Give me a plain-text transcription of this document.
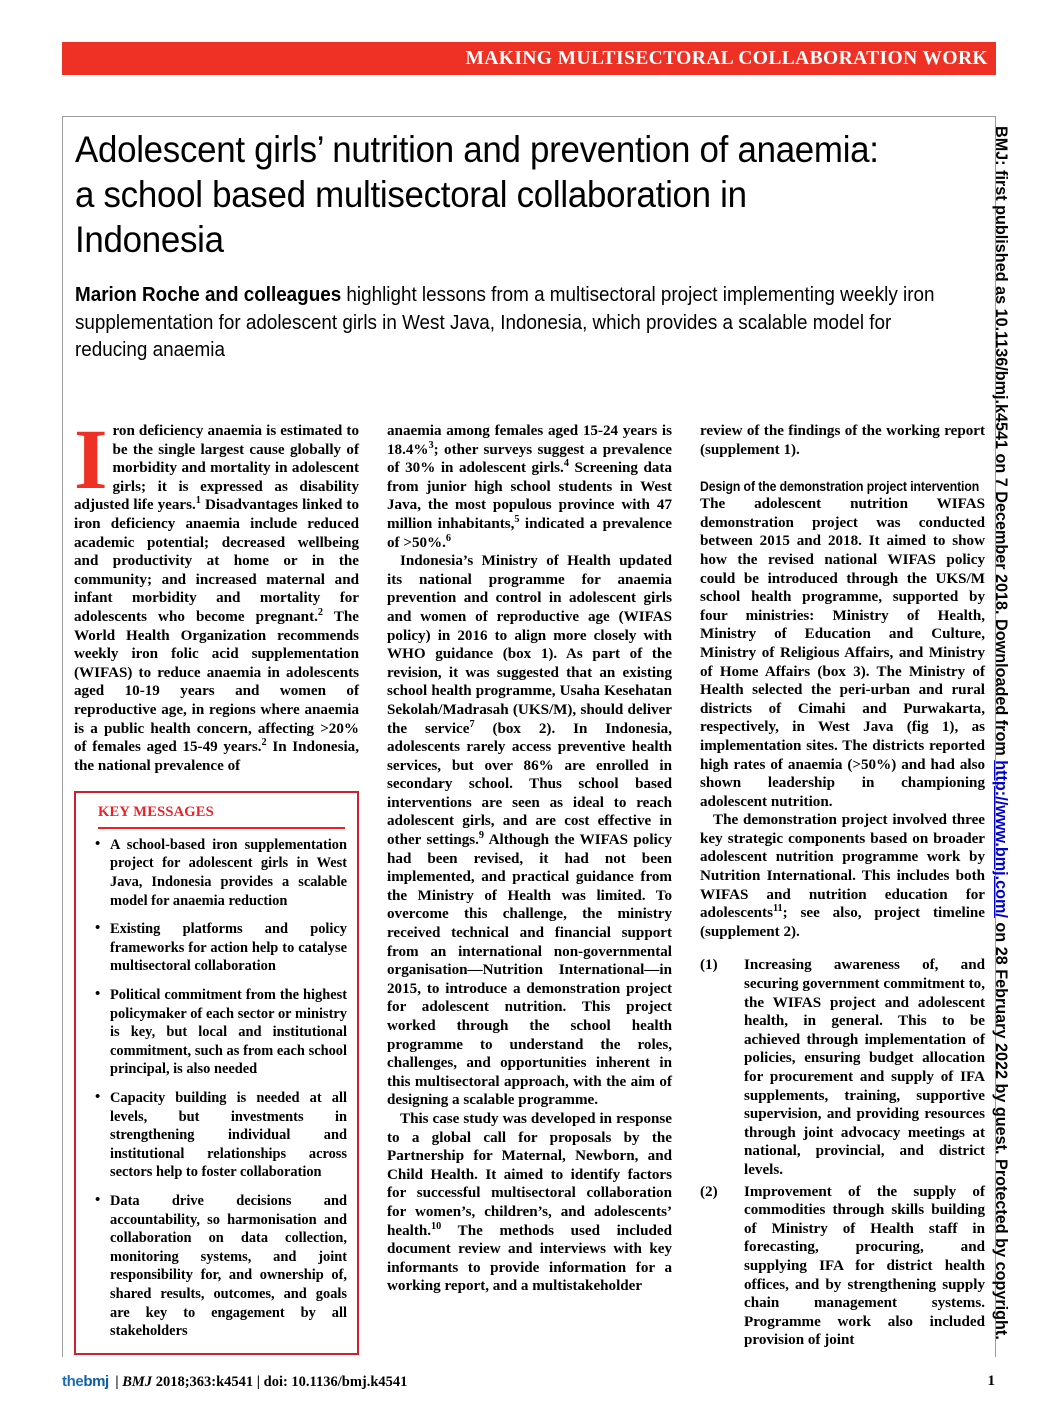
MAKING MULTISECTORAL COLLABORATION WORK
Adolescent girls’ nutrition and prevention of anaemia: a school based multisectoral collaboration in Indonesia
Marion Roche and colleagues highlight lessons from a multisectoral project implementing weekly iron supplementation for adolescent girls in West Java, Indonesia, which provides a scalable model for reducing anaemia

Iron deficiency anaemia is estimated to be the single largest cause globally of morbidity and mortality in adolescent girls; it is expressed as disability adjusted life years.$^1$ Disadvantages linked to iron deficiency anaemia include reduced academic potential; decreased wellbeing and productivity at home or in the community; and increased maternal and infant morbidity and mortality for adolescents who become pregnant.$^2$ The World Health Organization recommends weekly iron folic acid supplementation (WIFAS) to reduce anaemia in adolescents aged 10-19 years and women of reproductive age, in regions where anaemia is a public health concern, affecting >20% of females aged 15-49 years.$^2$ In Indonesia, the national prevalence of

KEY MESSAGES
• A school-based iron supplementation project for adolescent girls in West Java, Indonesia provides a scalable model for anaemia reduction
• Existing platforms and policy frameworks for action help to catalyse multisectoral collaboration
• Political commitment from the highest policymaker of each sector or ministry is key, but local and institutional commitment, such as from each school principal, is also needed
• Capacity building is needed at all levels, but investments in strengthening individual and institutional relationships across sectors help to foster collaboration
• Data drive decisions and accountability, so harmonisation and collaboration on data collection, monitoring systems, and joint responsibility for, and ownership of, shared results, outcomes, and goals are key to engagement by all stakeholders

anaemia among females aged 15-24 years is 18.4%$^3$; other surveys suggest a prevalence of 30% in adolescent girls.$^4$ Screening data from junior high school students in West Java, the most populous province with 47 million inhabitants,$^5$ indicated a prevalence of >50%.$^6$

Indonesia’s Ministry of Health updated its national programme for anaemia prevention and control in adolescent girls and women of reproductive age (WIFAS policy) in 2016 to align more closely with WHO guidance (box 1). As part of the revision, it was suggested that an existing school health programme, Usaha Kesehatan Sekolah/Madrasah (UKS/M), should deliver the service$^7$ (box 2). In Indonesia, adolescents rarely access preventive health services, but over 86% are enrolled in secondary school. Thus school based interventions are seen as ideal to reach adolescent girls, and are cost effective in other settings.$^9$ Although the WIFAS policy had been revised, it had not been implemented, and practical guidance from the Ministry of Health was limited. To overcome this challenge, the ministry received technical and financial support from an international non-governmental organisation—Nutrition International—in 2015, to introduce a demonstration project for adolescent nutrition. This project worked through the school health programme to understand the roles, challenges, and opportunities inherent in this multisectoral approach, with the aim of designing a scalable programme.

This case study was developed in response to a global call for proposals by the Partnership for Maternal, Newborn, and Child Health. It aimed to identify factors for successful multisectoral collaboration for women’s, children’s, and adolescents’ health.$^{10}$ The methods used included document review and interviews with key informants to provide information for a working report, and a multistakeholder

review of the findings of the working report (supplement 1).

Design of the demonstration project intervention

The adolescent nutrition WIFAS demonstration project was conducted between 2015 and 2018. It aimed to show how the revised national WIFAS policy could be introduced through the UKS/M school health programme, supported by four ministries: Ministry of Health, Ministry of Education and Culture, Ministry of Religious Affairs, and Ministry of Home Affairs (box 3). The Ministry of Health selected the peri-urban and rural districts of Cimahi and Purwakarta, respectively, in West Java (fig 1), as implementation sites. The districts reported high rates of anaemia (>50%) and had also shown leadership in championing adolescent nutrition.

The demonstration project involved three key strategic components based on broader adolescent nutrition programme work by Nutrition International. This includes both WIFAS and nutrition education for adolescents$^{11}$; see also, project timeline (supplement 2).

(1) Increasing awareness of, and securing government commitment to, the WIFAS project and adolescent health, in general. This to be achieved through implementation of policies, ensuring budget allocation for procurement and supply of IFA supplements, training, supportive supervision, and providing resources through joint advocacy meetings at national, provincial, and district levels.
(2) Improvement of the supply of commodities through skills building of Ministry of Health staff in forecasting, procuring, and supplying IFA for district health offices, and by strengthening supply chain management systems. Programme work also included provision of joint
BMJ: first published as 10.1136/bmj.k4541 on 7 December 2018. Downloaded from http://www.bmj.com/ on 28 February 2022 by guest. Protected by copyright.
thebmj | BMJ 2018;363:k4541 | doi: 10.1136/bmj.k4541	1
